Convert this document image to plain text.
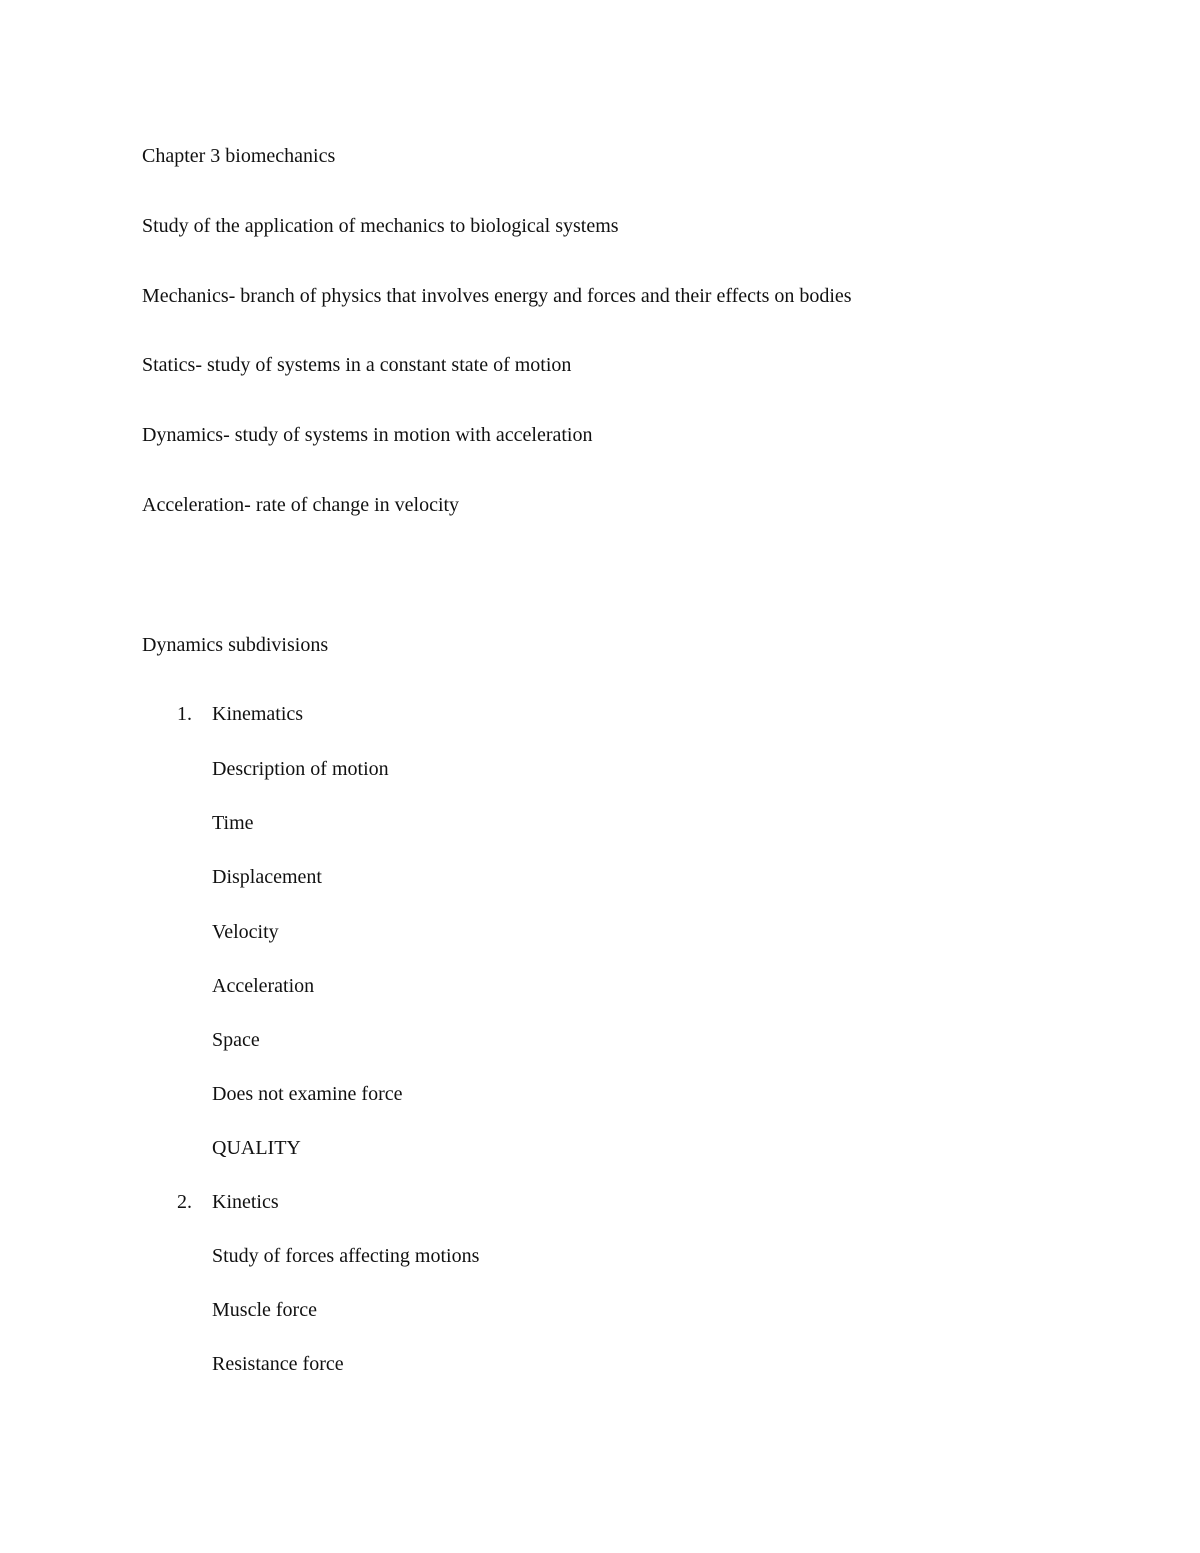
Chapter 3 biomechanics
Study of the application of mechanics to biological systems
Mechanics- branch of physics that involves energy and forces and their effects on bodies
Statics- study of systems in a constant state of motion
Dynamics- study of systems in motion with acceleration
Acceleration- rate of change in velocity
Dynamics subdivisions
1. Kinematics
Description of motion
Time
Displacement
Velocity
Acceleration
Space
Does not examine force
QUALITY
2. Kinetics
Study of forces affecting motions
Muscle force
Resistance force
